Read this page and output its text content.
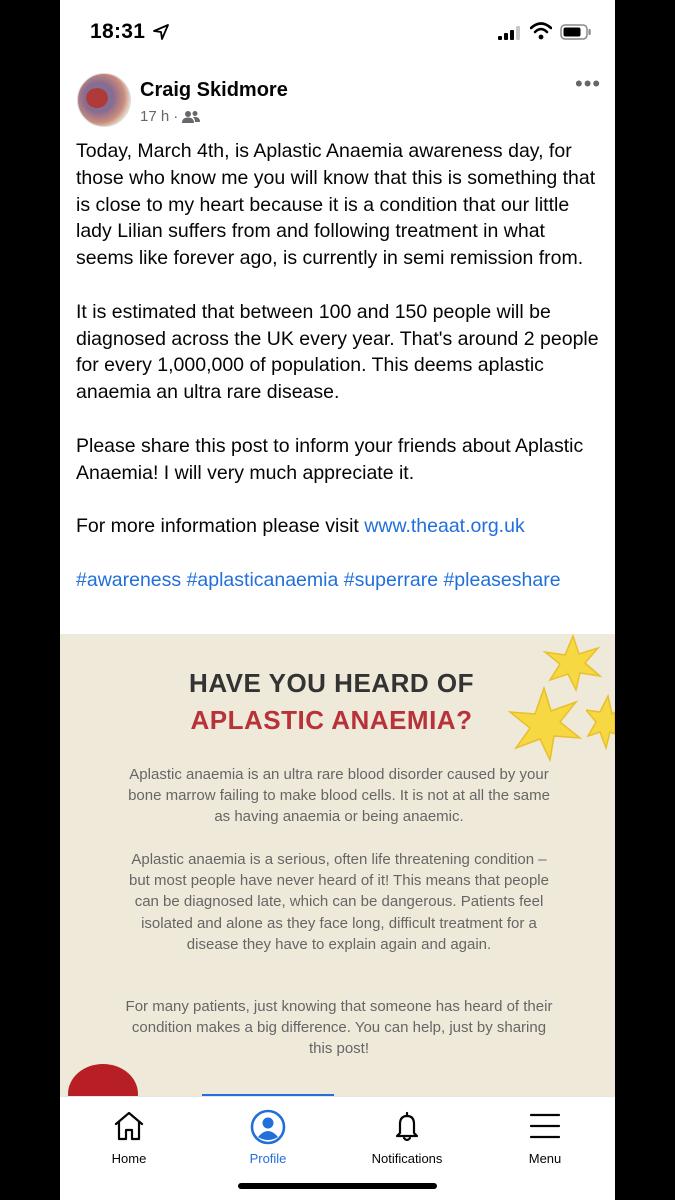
18:31
Craig Skidmore
17 h ·
•••

Today, March 4th, is Aplastic Anaemia awareness day, for those who know me you will know that this is something that is close to my heart because it is a condition that our little lady Lilian suffers from and following treatment in what seems like forever ago, is currently in semi remission from.

It is estimated that between 100 and 150 people will be diagnosed across the UK every year. That's around 2 people for every 1,000,000 of population. This deems aplastic anaemia an ultra rare disease.

Please share this post to inform your friends about Aplastic Anaemia! I will very much appreciate it.

For more information please visit www.theaat.org.uk

#awareness #aplasticanaemia #superrare #pleaseshare

HAVE YOU HEARD OF
APLASTIC ANAEMIA?

Aplastic anaemia is an ultra rare blood disorder caused by your bone marrow failing to make blood cells. It is not at all the same as having anaemia or being anaemic.

Aplastic anaemia is a serious, often life threatening condition – but most people have never heard of it! This means that people can be diagnosed late, which can be dangerous. Patients feel isolated and alone as they face long, difficult treatment for a disease they have to explain again and again.

For many patients, just knowing that someone has heard of their condition makes a big difference. You can help, just by sharing this post!

Home	Profile	Notifications	Menu
